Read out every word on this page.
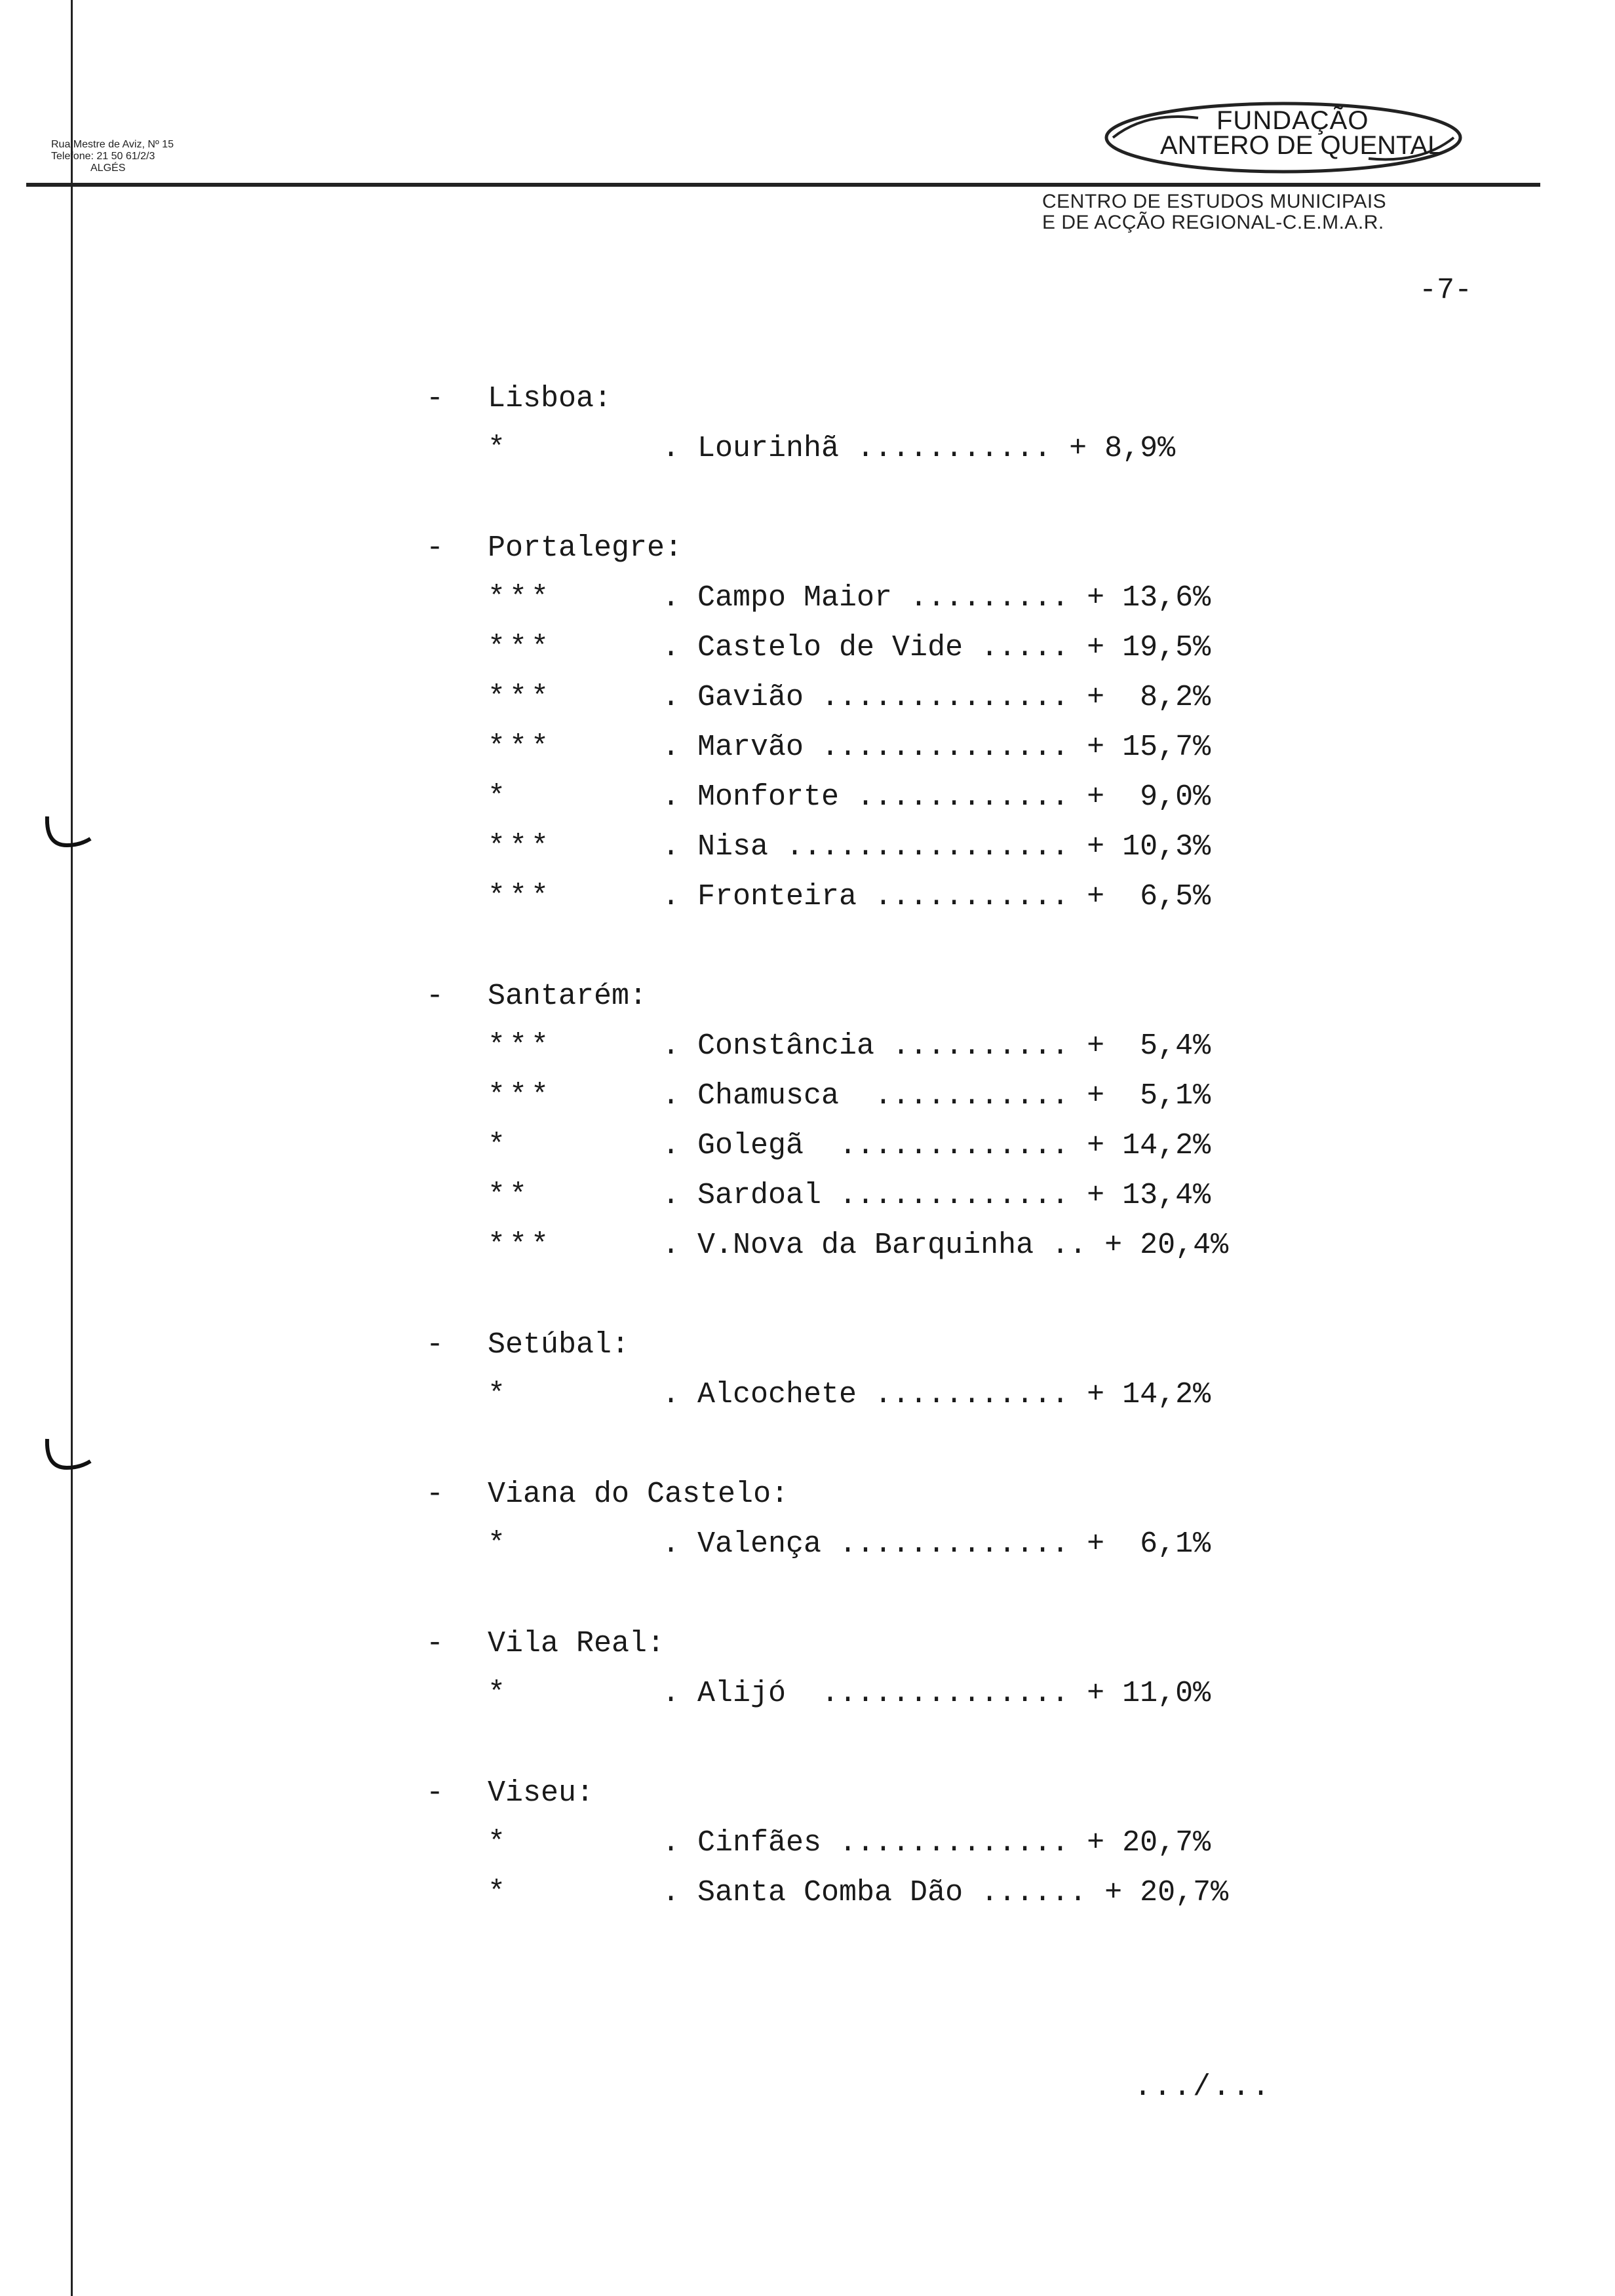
Rua Mestre de Aviz, Nº 15
Telefone: 21 50 61/2/3
ALGÉS
FUNDAÇÃO
ANTERO DE QUENTAL
CENTRO DE ESTUDOS MUNICIPAIS
E DE ACÇÃO REGIONAL-C.E.M.A.R.
-7-
-	Lisboa:
*	. Lourinhã ........... + 8,9%
-	Portalegre:
***	. Campo Maior ......... + 13,6%
***	. Castelo de Vide ..... + 19,5%
***	. Gavião .............. +  8,2%
***	. Marvão .............. + 15,7%
*	. Monforte ............ +  9,0%
***	. Nisa ................ + 10,3%
***	. Fronteira ........... +  6,5%
-	Santarém:
***	. Constância .......... +  5,4%
***	. Chamusca  ........... +  5,1%
*	. Golegã  ............. + 14,2%
**	. Sardoal ............. + 13,4%
***	. V.Nova da Barquinha .. + 20,4%
-	Setúbal:
*	. Alcochete ........... + 14,2%
-	Viana do Castelo:
*	. Valença ............. +  6,1%
-	Vila Real:
*	. Alijó  .............. + 11,0%
-	Viseu:
*	. Cinfães ............. + 20,7%
*	. Santa Comba Dão ...... + 20,7%
.../...
